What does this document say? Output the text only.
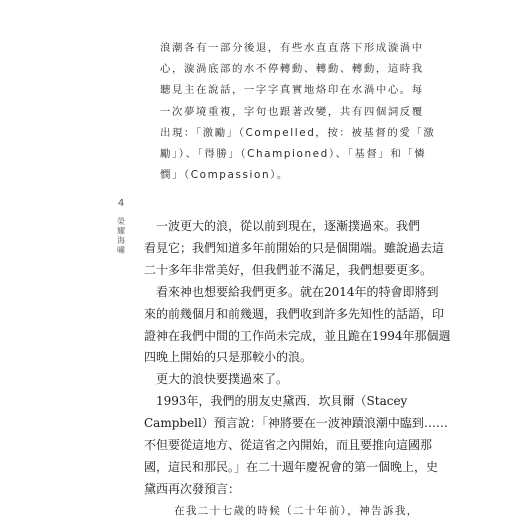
浪潮各有一部分後退，有些水直直落下形成漩渦中

心，漩渦底部的水不停轉動、轉動、轉動，這時我

聽見主在說話，一字字真實地烙印在水渦中心。每

一次夢境重複，字句也跟著改變，共有四個詞反覆

出現：「激勵」（Compelled，按：被基督的愛「激

勵」）、「得勝」（Championed）、「基督」和「憐

憫」（Compassion）。

4
榮耀海嘯	一波更大的浪，從以前到現在，逐漸撲過來。我們

看見它；我們知道多年前開始的只是個開端。雖說過去這

二十多年非常美好，但我們並不滿足，我們想要更多。

看來神也想要給我們更多。就在2014年的特會即將到

來的前幾個月和前幾週，我們收到許多先知性的話語，印

證神在我們中間的工作尚未完成，並且跪在1994年那個週

四晚上開始的只是那較小的浪。

更大的浪快要撲過來了。

1993年，我們的朋友史黛西．坎貝爾（Stacey

Campbell）預言說：「神將要在一波神蹟浪潮中臨到……

不但要從這地方、從這省之內開始，而且要推向這國那

國，這民和那民。」在二十週年慶祝會的第一個晚上，史

黛西再次發預言：

在我二十七歲的時候（二十年前），神告訴我，
